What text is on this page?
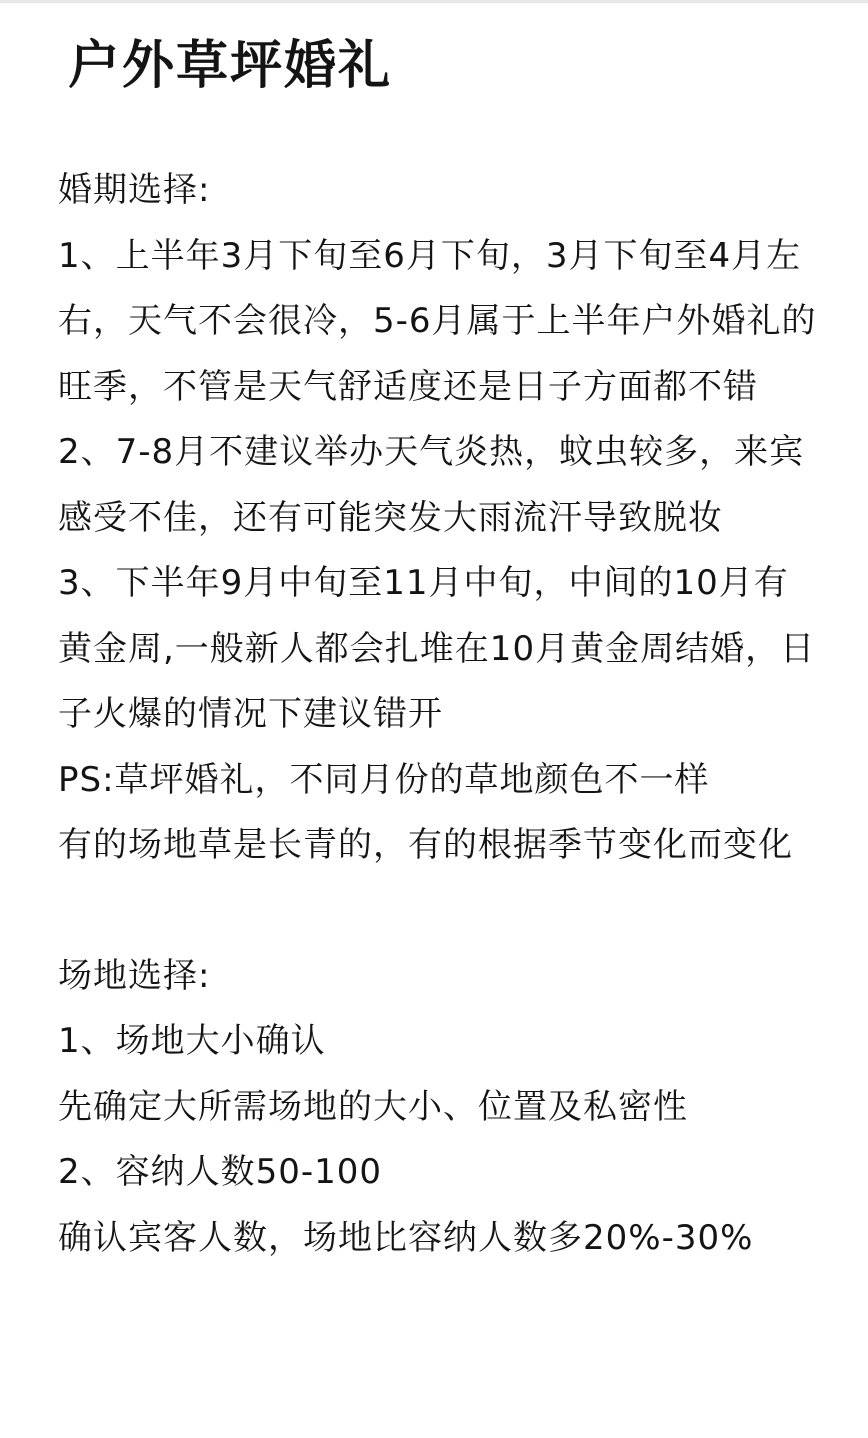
户外草坪婚礼
婚期选择:
1、上半年3月下旬至6月下旬，3月下旬至4月左右，天气不会很冷，5-6月属于上半年户外婚礼的旺季，不管是天气舒适度还是日子方面都不错
2、7-8月不建议举办天气炎热，蚊虫较多，来宾感受不佳，还有可能突发大雨流汗导致脱妆
3、下半年9月中旬至11月中旬，中间的10月有黄金周,一般新人都会扎堆在10月黄金周结婚，日子火爆的情况下建议错开
PS:草坪婚礼，不同月份的草地颜色不一样
有的场地草是长青的，有的根据季节变化而变化
场地选择:
1、场地大小确认
先确定大所需场地的大小、位置及私密性
2、容纳人数50-100
确认宾客人数，场地比容纳人数多20%-30%
